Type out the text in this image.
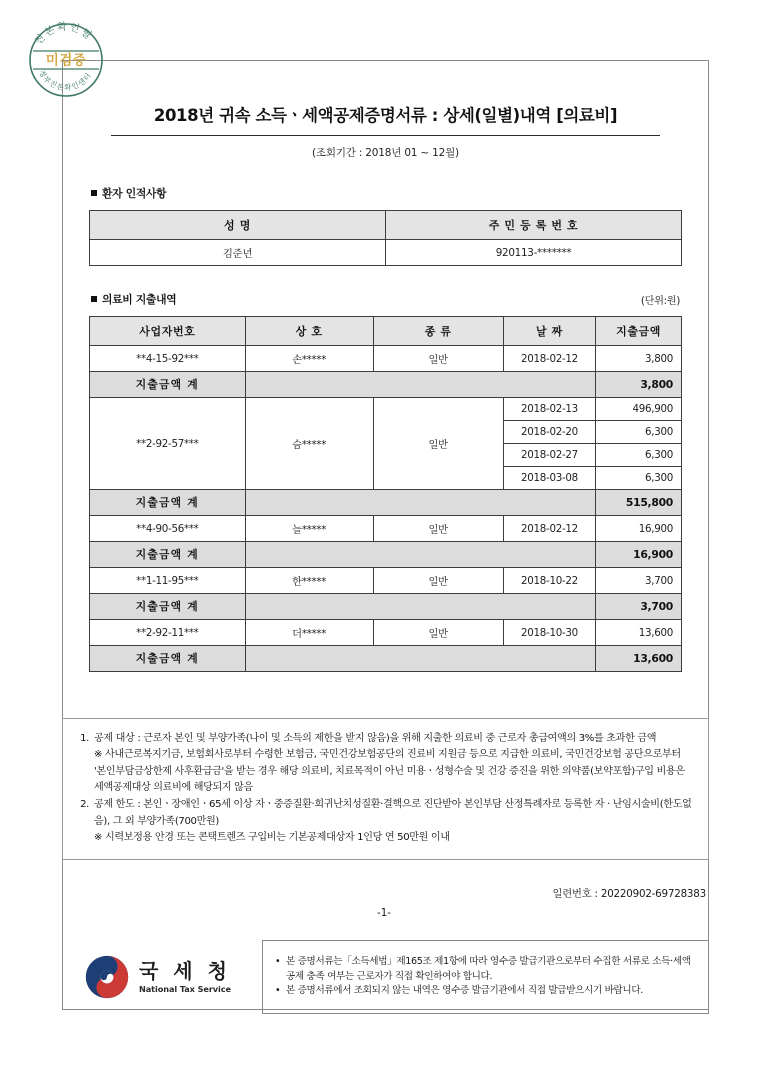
진본확인필
정부진본확인센터
미검증
2018년 귀속 소득ㆍ세액공제증명서류 : 상세(일별)내역 [의료비]
(조회기간 : 2018년 01 ~ 12월)
환자 인적사항
성 명	주 민 등 록 번 호
김준년	920113-*******
의료비 지출내역	(단위:원)
사업자번호	상 호	종 류	날 짜	지출금액
**4-15-92***	손*****	일반	2018-02-12	3,800
지출금액 계				3,800
**2-92-57***	슴*****	일반	2018-02-13	496,900
			2018-02-20	6,300
			2018-02-27	6,300
			2018-03-08	6,300
지출금액 계				515,800
**4-90-56***	늘*****	일반	2018-02-12	16,900
지출금액 계				16,900
**1-11-95***	한*****	일반	2018-10-22	3,700
지출금액 계				3,700
**2-92-11***	더*****	일반	2018-10-30	13,600
지출금액 계				13,600
1. 공제 대상 : 근로자 본인 및 부양가족(나이 및 소득의 제한을 받지 않음)을 위해 지출한 의료비 중 근로자 총급여액의 3%를 초과한 금액
※ 사내근로복지기금, 보험회사로부터 수령한 보험금, 국민건강보험공단의 진료비 지원금 등으로 지급한 의료비, 국민건강보험 공단으로부터 '본인부담금상한제 사후환급금'을 받는 경우 해당 의료비, 치료목적이 아닌 미용ㆍ성형수술 및 건강 증진을 위한 의약품(보약포함)구입 비용은 세액공제대상 의료비에 해당되지 않음
2. 공제 한도 : 본인ㆍ장애인ㆍ65세 이상 자ㆍ중증질환·희귀난치성질환·결핵으로 진단받아 본인부담 산정특례자로 등록한 자 · 난임시술비(한도없음), 그 외 부양가족(700만원)
※ 시력보정용 안경 또는 콘택트렌즈 구입비는 기본공제대상자 1인당 연 50만원 이내
일련번호 : 20220902-69728383
-1-
국 세 청
National Tax Service
• 본 증명서류는「소득세법」제165조 제1항에 따라 영수증 발급기관으로부터 수집한 서류로 소득·세액공제 충족 여부는 근로자가 직접 확인하여야 합니다.
• 본 증명서류에서 조회되지 않는 내역은 영수증 발급기관에서 직접 발급받으시기 바랍니다.
